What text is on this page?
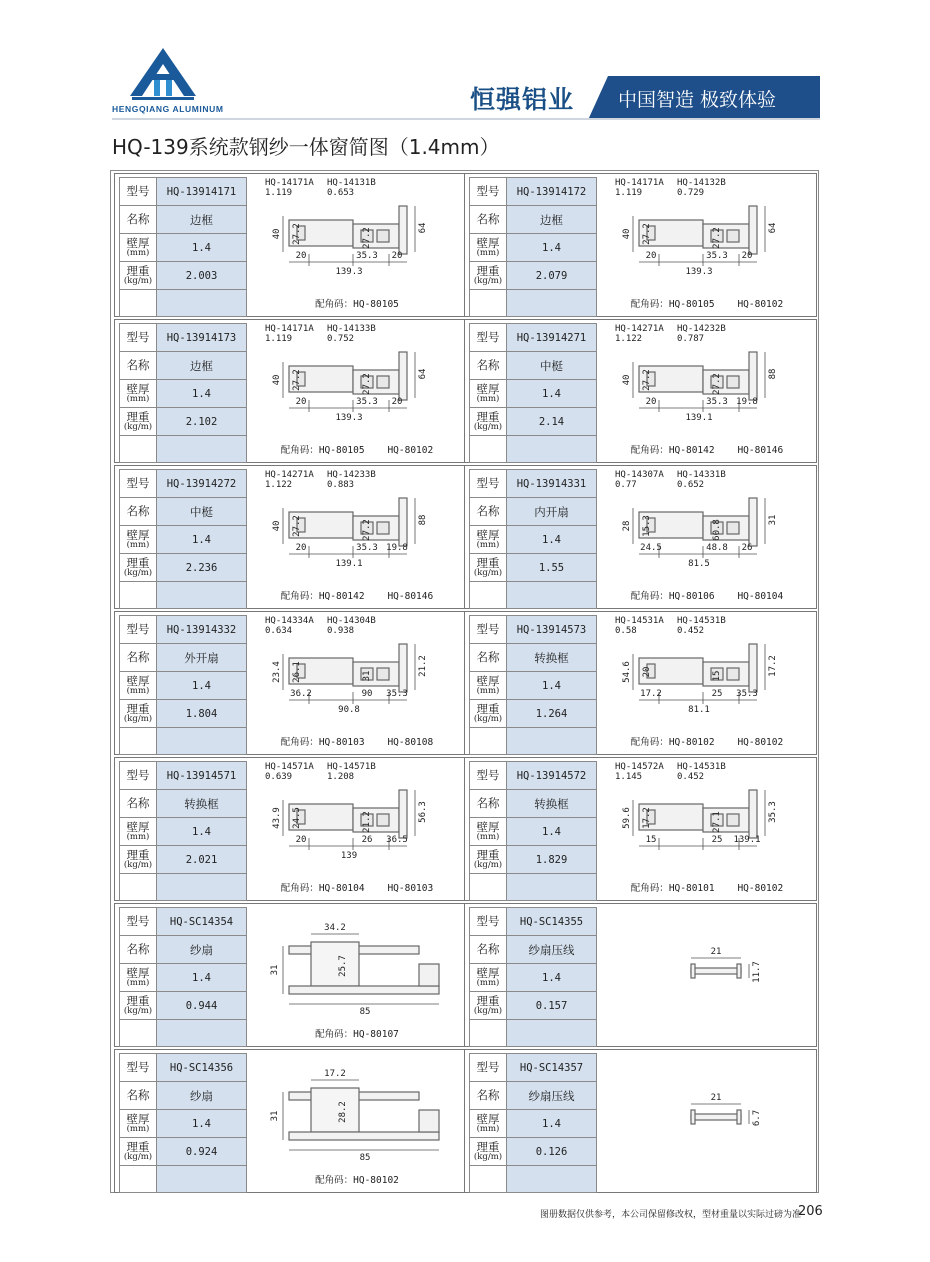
HENGQIANG ALUMINUM	恒强铝业 中国智造 极致体验
HQ-139系统款钢纱一体窗简图（1.4mm）
型号	HQ-13914171
名称	边框
壁厚
(mm)	1.4
理重
(kg/m)	2.003

HQ-14171A HQ-14131B
1.119	0.653
40 27.2	27.2	64
20	35.3 20
139.3
配角码：HQ-80105
型号	HQ-13914172
名称	边框
壁厚
(mm)	1.4
理重
(kg/m)	2.079

HQ-14171A HQ-14132B
1.119	0.729
40 27.2	27.2	64
20	35.3 20
139.3
配角码：HQ-80105    HQ-80102
型号	HQ-13914173
名称	边框
壁厚
(mm)	1.4
理重
(kg/m)	2.102

HQ-14171A HQ-14133B
1.119	0.752
40 27.2	27.2	64
20	35.3 20
139.3
配角码：HQ-80105    HQ-80102
型号	HQ-13914271
名称	中梃
壁厚
(mm)	1.4
理重
(kg/m)	2.14

HQ-14271A HQ-14232B
1.122	0.787
40 27.2	27.2	88
20	35.3 19.8
139.1
配角码：HQ-80142    HQ-80146
型号	HQ-13914272
名称	中梃
壁厚
(mm)	1.4
理重
(kg/m)	2.236

HQ-14271A HQ-14233B
1.122	0.883
40 27.2	27.2	88
20	35.3 19.8
139.1
配角码：HQ-80142    HQ-80146
型号	HQ-13914331
名称	内开扇
壁厚
(mm)	1.4
理重
(kg/m)	1.55

HQ-14307A HQ-14331B
0.77	0.652
28 15.3	60.8	31
24.5	48.8 26
81.5
配角码：HQ-80106    HQ-80104
型号	HQ-13914332
名称	外开扇
壁厚
(mm)	1.4
理重
(kg/m)	1.804

HQ-14334A HQ-14304B
0.634	0.938
23.4 26.1	31	21.2
36.2	90 35.3
90.8
配角码：HQ-80103    HQ-80108
型号	HQ-13914573
名称	转换框
壁厚
(mm)	1.4
理重
(kg/m)	1.264

HQ-14531A HQ-14531B
0.58	0.452
54.6 20	15	17.2
17.2	25 35.3
81.1
配角码：HQ-80102    HQ-80102
型号	HQ-13914571
名称	转换框
壁厚
(mm)	1.4
理重
(kg/m)	2.021

HQ-14571A HQ-14571B
0.639	1.208
43.9 24.5	21.2	56.3
20	26 36.5
139
配角码：HQ-80104    HQ-80103
型号	HQ-13914572
名称	转换框
壁厚
(mm)	1.4
理重
(kg/m)	1.829

HQ-14572A HQ-14531B
1.145	0.452
59.6 17.2	27.1	35.3
15	25 139.1
配角码：HQ-80101    HQ-80102
型号	HQ-SC14354
名称	纱扇
壁厚
(mm)	1.4
理重
(kg/m)	0.944

34.2
31	25.7
85
配角码：HQ-80107
型号	HQ-SC14355
名称	纱扇压线
壁厚
(mm)	1.4
理重
(kg/m)	0.157

21
11.7
型号	HQ-SC14356
名称	纱扇
壁厚
(mm)	1.4
理重
(kg/m)	0.924

17.2
31	28.2
85
配角码：HQ-80102
型号	HQ-SC14357
名称	纱扇压线
壁厚
(mm)	1.4
理重
(kg/m)	0.126

21
6.7
图册数据仅供参考，本公司保留修改权，型材重量以实际过磅为准
206
